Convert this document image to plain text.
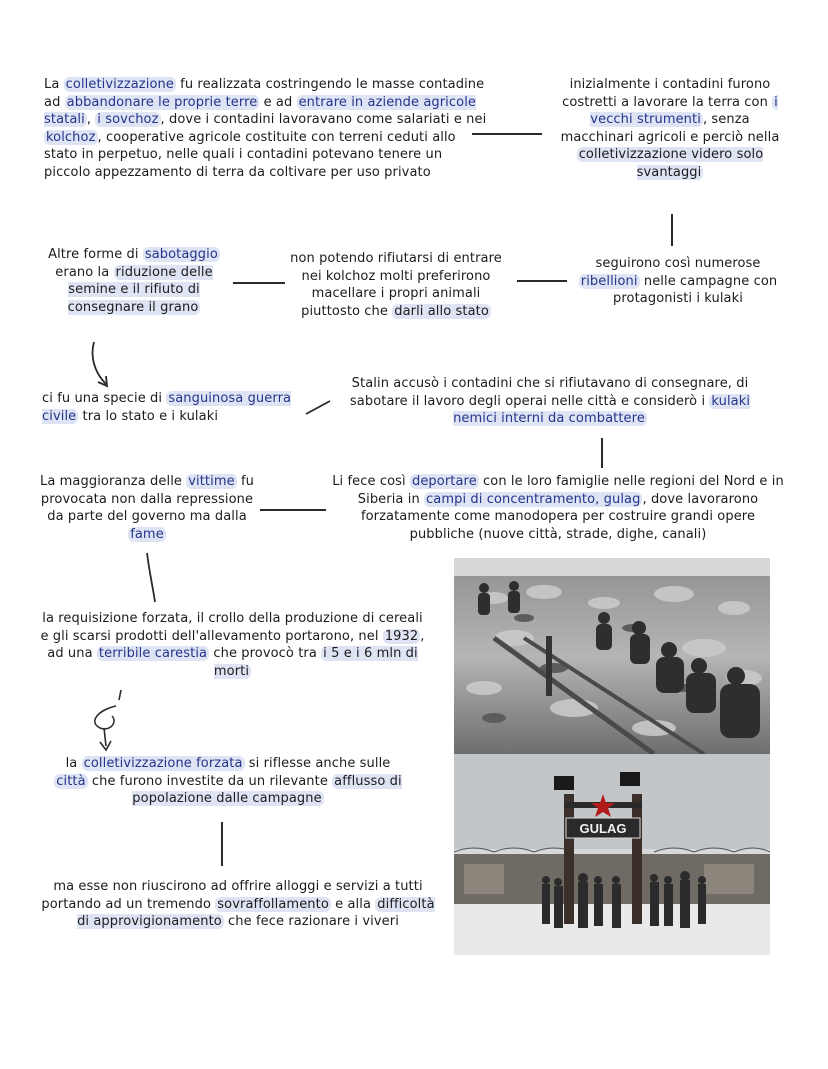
La colletivizzazione fu realizzata costringendo le masse contadine ad abbandonare le proprie terre e ad entrare in aziende agricole statali , i sovchoz , dove i contadini lavoravano come salariati e nei kolchoz , cooperative agricole costituite con terreni ceduti allo stato in perpetuo, nelle quali i contadini potevano tenere un piccolo appezzamento di terra da coltivare per uso privato
inizialmente i contadini furono costretti a lavorare la terra con i vecchi strumenti , senza macchinari agricoli e perciò nella colletivizzazione videro solo svantaggi
seguirono così numerose ribellioni nelle campagne con protagonisti i kulaki
non potendo rifiutarsi di entrare nei kolchoz molti preferirono macellare i propri animali piuttosto che darli allo stato
Altre forme di sabotaggio erano la riduzione delle semine e il rifiuto di consegnare il grano
ci fu una specie di sanguinosa guerra civile tra lo stato e i kulaki
Stalin accusò i contadini che si rifiutavano di consegnare, di sabotare il lavoro degli operai nelle città e considerò i kulaki nemici interni da combattere
Li fece così deportare con le loro famiglie nelle regioni del Nord e in Siberia in campi di concentramento, gulag , dove lavorarono forzatamente come manodopera per costruire grandi opere pubbliche (nuove città, strade, dighe, canali)
La maggioranza delle vittime fu provocata non dalla repressione da parte del governo ma dalla fame
la requisizione forzata, il crollo della produzione di cereali e gli scarsi prodotti dell'allevamento portarono, nel 1932 , ad una terribile carestia che provocò tra i 5 e i 6 mln di morti
la colletivizzazione forzata si riflesse anche sulle città che furono investite da un rilevante afflusso di popolazione dalle campagne
ma esse non riuscirono ad offrire alloggi e servizi a tutti portando ad un tremendo sovraffollamento e alla difficoltà di approvigionamento che fece razionare i viveri
GULAG
